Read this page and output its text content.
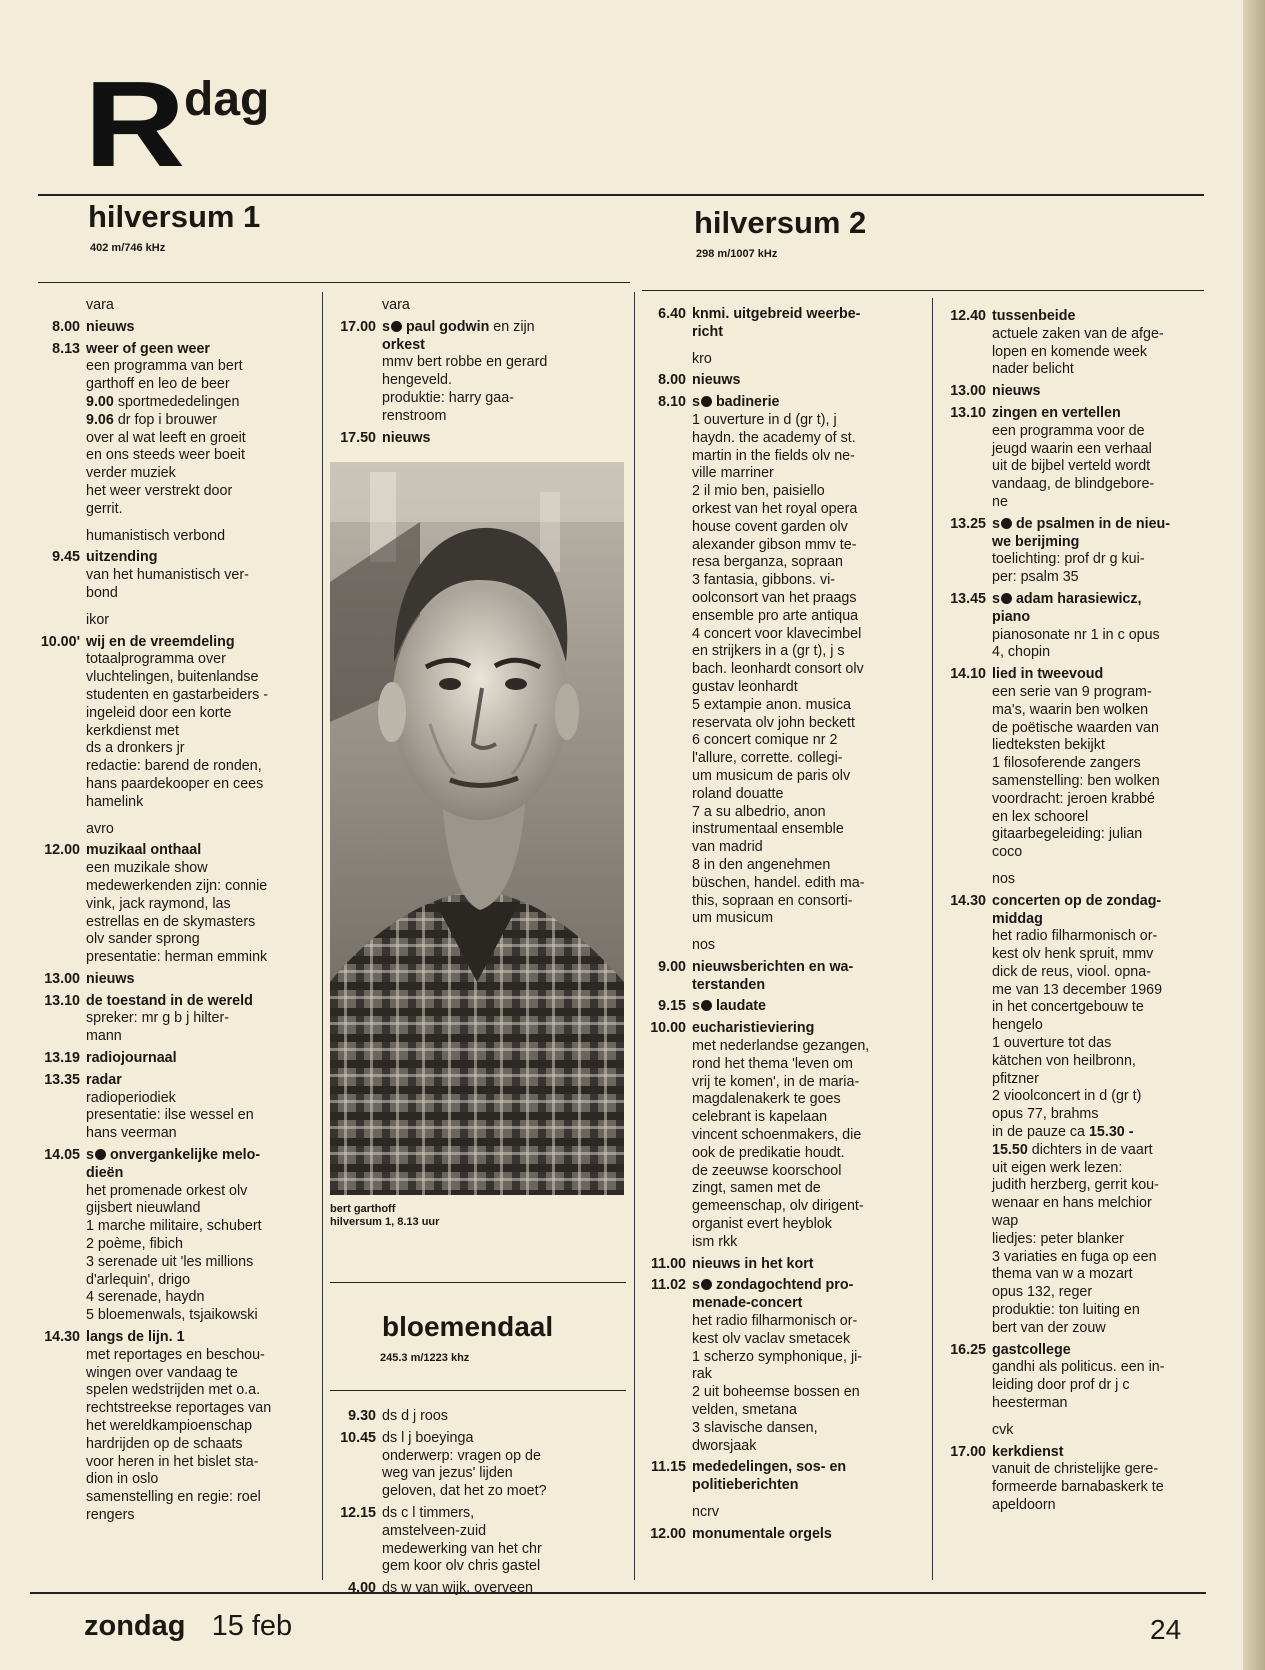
R dag
hilversum 1
402 m/746 kHz
hilversum 2
298 m/1007 kHz
vara
8.00 nieuws
8.13 weer of geen weer
een programma van bert
garthoff en leo de beer
9.00 sportmededelingen
9.06 dr fop i brouwer
over al wat leeft en groeit
en ons steeds weer boeit
verder muziek
het weer verstrekt door
gerrit.
humanistisch verbond
9.45 uitzending
van het humanistisch ver-
bond
ikor
10.00' wij en de vreemdeling
totaalprogramma over
vluchtelingen, buitenlandse
studenten en gastarbeiders -
ingeleid door een korte
kerkdienst met
ds a dronkers jr
redactie: barend de ronden,
hans paardekooper en cees
hamelink
avro
12.00 muzikaal onthaal
een muzikale show
medewerkenden zijn: connie
vink, jack raymond, las
estrellas en de skymasters
olv sander sprong
presentatie: herman emmink
13.00 nieuws
13.10 de toestand in de wereld
spreker: mr g b j hilter-
mann
13.19 radiojournaal
13.35 radar
radioperiodiek
presentatie: ilse wessel en
hans veerman
14.05 s onvergankelijke melo-
dieën
het promenade orkest olv
gijsbert nieuwland
1 marche militaire, schubert
2 poème, fibich
3 serenade uit 'les millions
d'arlequin', drigo
4 serenade, haydn
5 bloemenwals, tsjaikowski
14.30 langs de lijn. 1
met reportages en beschou-
wingen over vandaag te
spelen wedstrijden met o.a.
rechtstreekse reportages van
het wereldkampioenschap
hardrijden op de schaats
voor heren in het bislet sta-
dion in oslo
samenstelling en regie: roel
rengers
vara
17.00 s paul godwin en zijn
orkest
mmv bert robbe en gerard
hengeveld.
produktie: harry gaa-
renstroom
17.50 nieuws
6.40 knmi. uitgebreid weerbe-
richt
kro
8.00 nieuws
8.10 s badinerie
1 ouverture in d (gr t), j
haydn. the academy of st.
martin in the fields olv ne-
ville marriner
2 il mio ben, paisiello
orkest van het royal opera
house covent garden olv
alexander gibson mmv te-
resa berganza, sopraan
3 fantasia, gibbons. vi-
oolconsort van het praags
ensemble pro arte antiqua
4 concert voor klavecimbel
en strijkers in a (gr t), j s
bach. leonhardt consort olv
gustav leonhardt
5 extampie anon. musica
reservata olv john beckett
6 concert comique nr 2
l'allure, corrette. collegi-
um musicum de paris olv
roland douatte
7 a su albedrio, anon
instrumentaal ensemble
van madrid
8 in den angenehmen
büschen, handel. edith ma-
this, sopraan en consorti-
um musicum
nos
9.00 nieuwsberichten en wa-
terstanden
9.15 s laudate
10.00 eucharistieviering
met nederlandse gezangen,
rond het thema 'leven om
vrij te komen', in de maria-
magdalenakerk te goes
celebrant is kapelaan
vincent schoenmakers, die
ook de predikatie houdt.
de zeeuwse koorschool
zingt, samen met de
gemeenschap, olv dirigent-
organist evert heyblok
ism rkk
11.00 nieuws in het kort
11.02 s zondagochtend pro-
menade-concert
het radio filharmonisch or-
kest olv vaclav smetacek
1 scherzo symphonique, ji-
rak
2 uit boheemse bossen en
velden, smetana
3 slavische dansen,
dworsjaak
11.15 mededelingen, sos- en
politieberichten
ncrv
12.00 monumentale orgels
12.40 tussenbeide
actuele zaken van de afge-
lopen en komende week
nader belicht
13.00 nieuws
13.10 zingen en vertellen
een programma voor de
jeugd waarin een verhaal
uit de bijbel verteld wordt
vandaag, de blindgebore-
ne
13.25 s de psalmen in de nieu-
we berijming
toelichting: prof dr g kui-
per: psalm 35
13.45 s adam harasiewicz,
piano
pianosonate nr 1 in c opus
4, chopin
14.10 lied in tweevoud
een serie van 9 program-
ma's, waarin ben wolken
de poëtische waarden van
liedteksten bekijkt
1 filosoferende zangers
samenstelling: ben wolken
voordracht: jeroen krabbé
en lex schoorel
gitaarbegeleiding: julian
coco
nos
14.30 concerten op de zondag-
middag
het radio filharmonisch or-
kest olv henk spruit, mmv
dick de reus, viool. opna-
me van 13 december 1969
in het concertgebouw te
hengelo
1 ouverture tot das
kätchen von heilbronn,
pfitzner
2 vioolconcert in d (gr t)
opus 77, brahms
in de pauze ca 15.30 -
15.50 dichters in de vaart
uit eigen werk lezen:
judith herzberg, gerrit kou-
wenaar en hans melchior
wap
liedjes: peter blanker
3 variaties en fuga op een
thema van w a mozart
opus 132, reger
produktie: ton luiting en
bert van der zouw
16.25 gastcollege
gandhi als politicus. een in-
leiding door prof dr j c
heesterman
cvk
17.00 kerkdienst
vanuit de christelijke gere-
formeerde barnabaskerk te
apeldoorn
bert garthoff
hilversum 1, 8.13 uur
bloemendaal
245.3 m/1223 khz
9.30 ds d j roos
10.45 ds l j boeyinga
onderwerp: vragen op de
weg van jezus' lijden
geloven, dat het zo moet?
12.15 ds c l timmers,
amstelveen-zuid
medewerking van het chr
gem koor olv chris gastel
4.00 ds w van wijk, overveen
zondag 15 feb	24
